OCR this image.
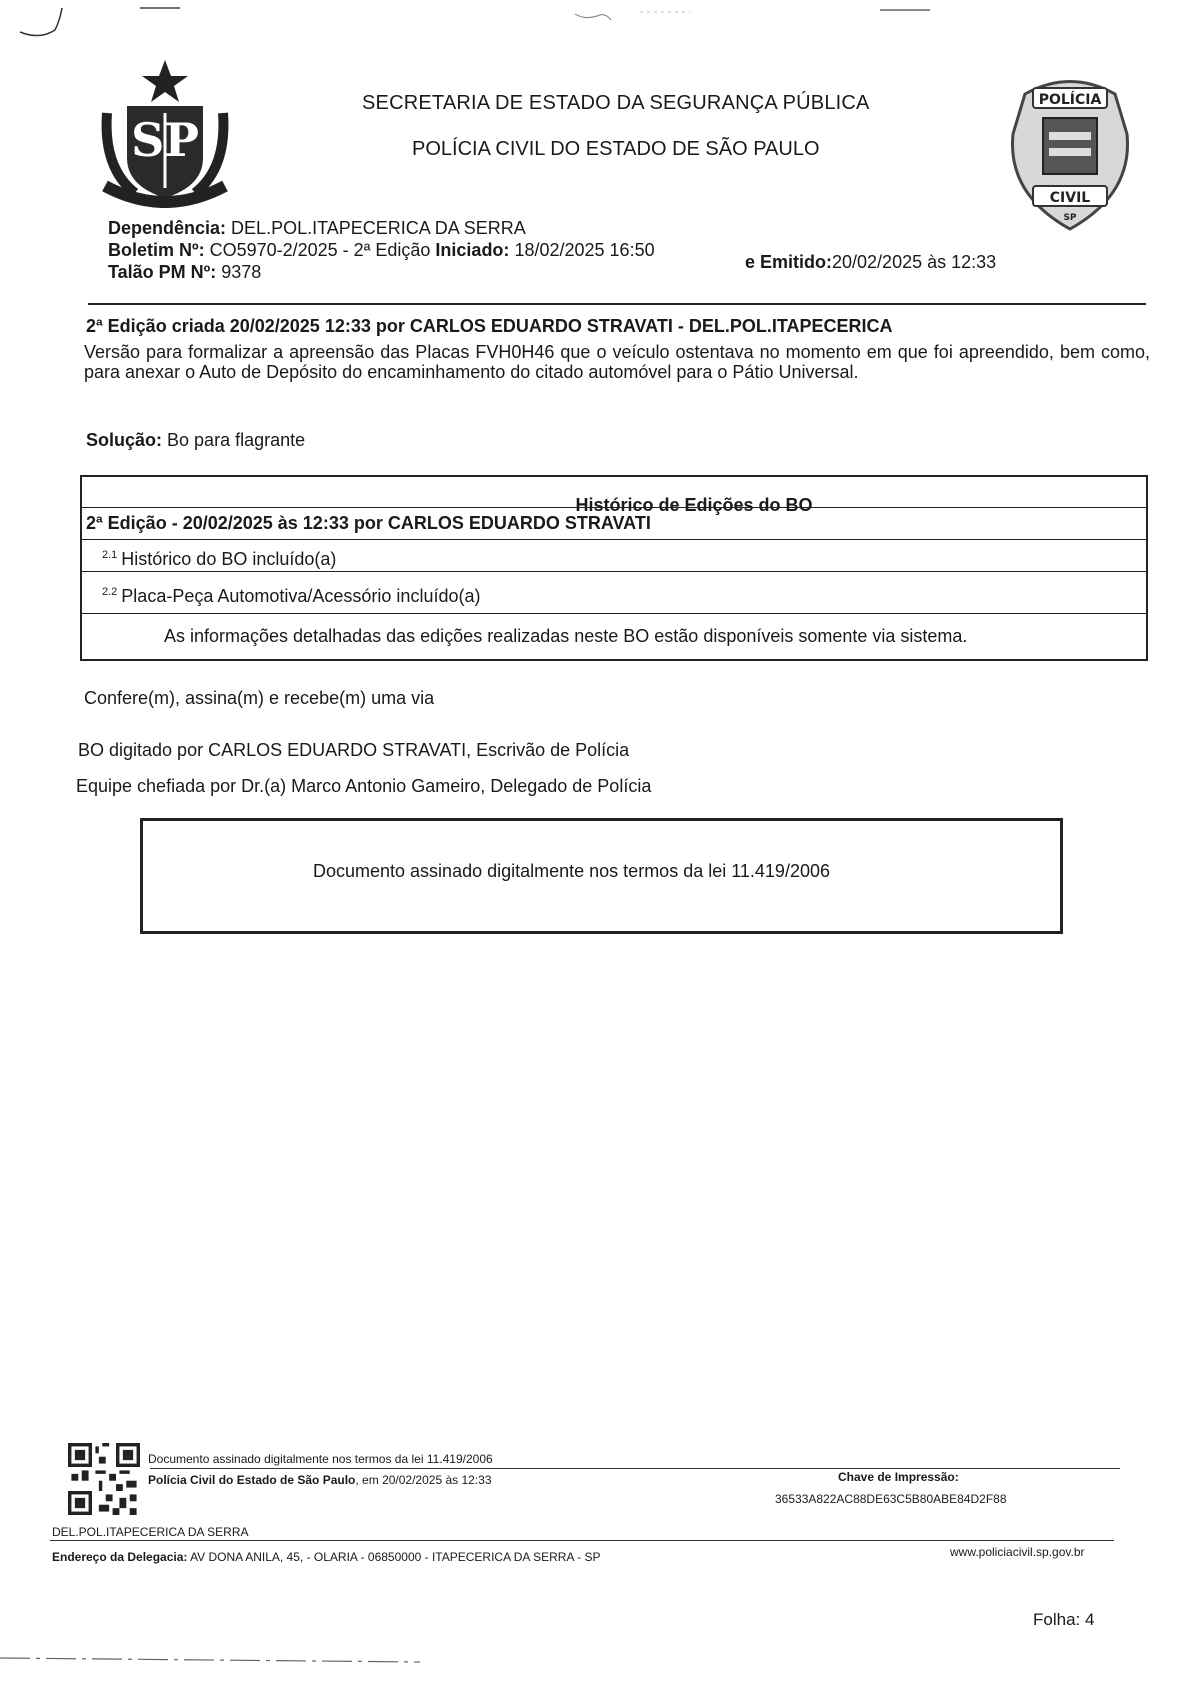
SP
SECRETARIA DE ESTADO DA SEGURANÇA PÚBLICA
POLÍCIA CIVIL DO ESTADO DE SÃO PAULO
POLÍCIA
CIVIL
SP
Dependência: DEL.POL.ITAPECERICA DA SERRA
Boletim Nº: CO5970-2/2025 - 2ª Edição Iniciado: 18/02/2025 16:50
e Emitido:20/02/2025 às 12:33
Talão PM Nº: 9378
2ª Edição criada 20/02/2025 12:33 por CARLOS EDUARDO STRAVATI - DEL.POL.ITAPECERICA
Versão para formalizar a apreensão das Placas FVH0H46 que o veículo ostentava no momento em que foi apreendido, bem como, para anexar o Auto de Depósito do encaminhamento do citado automóvel para o Pátio Universal.
Solução: Bo para flagrante
Histórico de Edições do BO
2ª Edição - 20/02/2025 às 12:33 por CARLOS EDUARDO STRAVATI
$^{2.1}$ Histórico do BO incluído(a)
$^{2.2}$ Placa-Peça Automotiva/Acessório incluído(a)
As informações detalhadas das edições realizadas neste BO estão disponíveis somente via sistema.
Confere(m), assina(m) e recebe(m) uma via
BO digitado por CARLOS EDUARDO STRAVATI, Escrivão de Polícia
Equipe chefiada por Dr.(a) Marco Antonio Gameiro, Delegado de Polícia
Documento assinado digitalmente nos termos da lei 11.419/2006
Documento assinado digitalmente nos termos da lei 11.419/2006
Polícia Civil do Estado de São Paulo, em 20/02/2025 às 12:33	Chave de Impressão:
36533A822AC88DE63C5B80ABE84D2F88
DEL.POL.ITAPECERICA DA SERRA
Endereço da Delegacia: AV DONA ANILA, 45, - OLARIA - 06850000 - ITAPECERICA DA SERRA - SP	www.policiacivil.sp.gov.br
Folha: 4
